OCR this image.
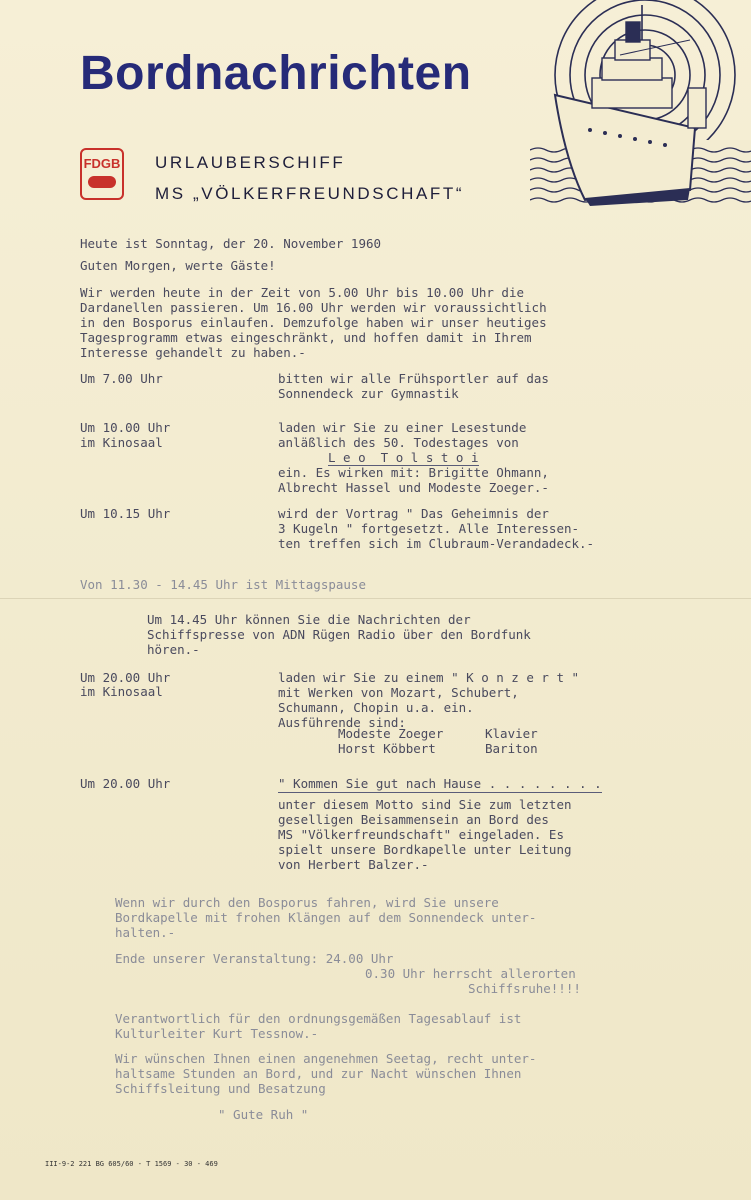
Bordnachrichten
FDGB URLAUBERSCHIFF
MS „VÖLKERFREUNDSCHAFT“
Heute ist Sonntag, der 20. November 1960
Guten Morgen, werte Gäste!
Wir werden heute in der Zeit von 5.00 Uhr bis 10.00 Uhr die
Dardanellen passieren. Um 16.00 Uhr werden wir voraussichtlich
in den Bosporus einlaufen. Demzufolge haben wir unser heutiges
Tagesprogramm etwas eingeschränkt, und hoffen damit in Ihrem
Interesse gehandelt zu haben.-
Um 7.00 Uhr	bitten wir alle Frühsportler auf das
Sonnendeck zur Gymnastik
Um 10.00 Uhr
im Kinosaal
laden wir Sie zu einer Lesestunde
anläßlich des 50. Todestages von
L e o  T o l s t o i
ein. Es wirken mit: Brigitte Ohmann,
Albrecht Hassel und Modeste Zoeger.-
Um 10.15 Uhr	wird der Vortrag " Das Geheimnis der
3 Kugeln " fortgesetzt. Alle Interessen-
ten treffen sich im Clubraum-Verandadeck.-
Von 11.30 - 14.45 Uhr ist Mittagspause
Um 14.45 Uhr können Sie die Nachrichten der
Schiffspresse von ADN Rügen Radio über den Bordfunk
hören.-
Um 20.00 Uhr
im Kinosaal
laden wir Sie zu einem " K o n z e r t "
mit Werken von Mozart, Schubert,
Schumann, Chopin u.a. ein.
Ausführende sind:
Modeste Zoeger	Klavier
Horst Köbbert	Bariton
Um 20.00 Uhr	" Kommen Sie gut nach Hause . . . . . . . .
unter diesem Motto sind Sie zum letzten
geselligen Beisammensein an Bord des
MS "Völkerfreundschaft" eingeladen. Es
spielt unsere Bordkapelle unter Leitung
von Herbert Balzer.-
Wenn wir durch den Bosporus fahren, wird Sie unsere
Bordkapelle mit frohen Klängen auf dem Sonnendeck unter-
halten.-
Ende unserer Veranstaltung: 24.00 Uhr
0.30 Uhr herrscht allerorten
Schiffsruhe!!!!
Verantwortlich für den ordnungsgemäßen Tagesablauf ist
Kulturleiter Kurt Tessnow.-
Wir wünschen Ihnen einen angenehmen Seetag, recht unter-
haltsame Stunden an Bord, und zur Nacht wünschen Ihnen
Schiffsleitung und Besatzung
" Gute Ruh "
III-9-2 221 BG 605/60 - T 1569 - 30 - 469
